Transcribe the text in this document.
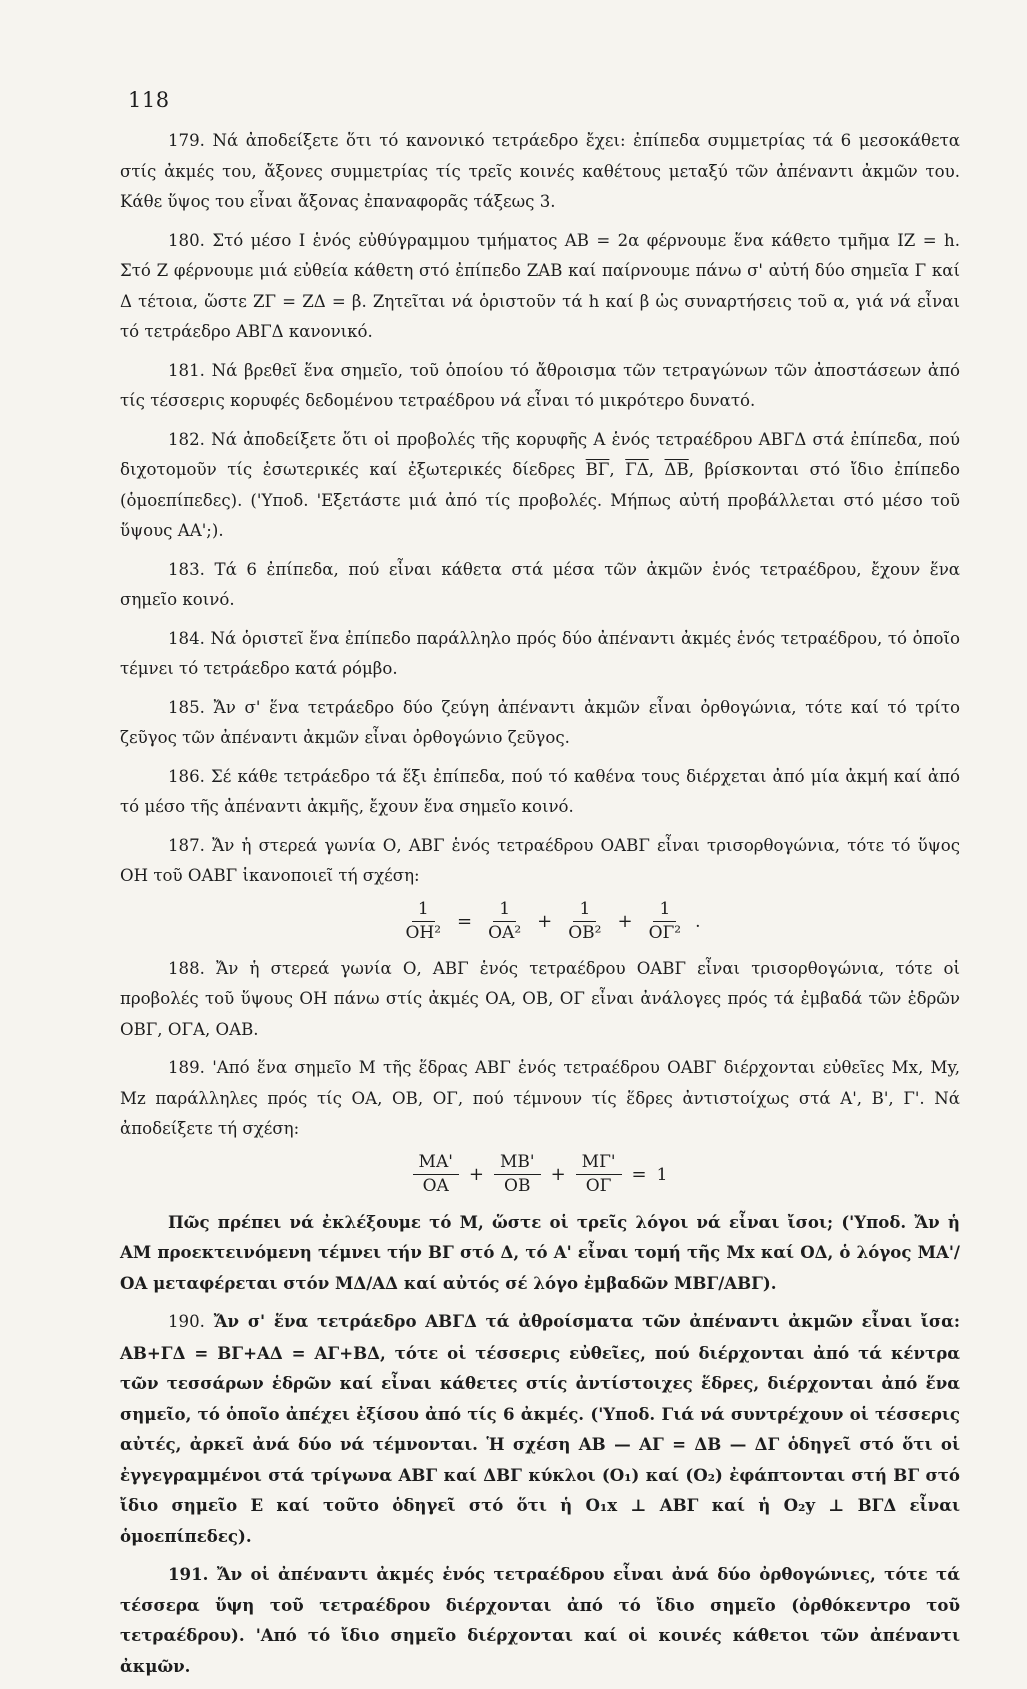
118

179. Νά ἀποδείξετε ὅτι τό κανονικό τετράεδρο ἔχει: ἐπίπεδα συμμετρίας τά 6 μεσοκάθετα στίς ἀκμές του, ἄξονες συμμετρίας τίς τρεῖς κοινές καθέτους μεταξύ τῶν ἀπέναντι ἀκμῶν του. Κάθε ὕψος του εἶναι ἄξονας ἐπαναφορᾶς τάξεως 3.

180. Στό μέσο Ι ἑνός εὐθύγραμμου τμήματος ΑΒ = 2α φέρνουμε ἕνα κάθετο τμῆμα ΙΖ = h. Στό Ζ φέρνουμε μιά εὐθεία κάθετη στό ἐπίπεδο ΖΑΒ καί παίρνουμε πάνω σ' αὐτή δύο σημεῖα Γ καί Δ τέτοια, ὥστε ΖΓ = ΖΔ = β. Ζητεῖται νά ὁριστοῦν τά h καί β ὡς συναρτήσεις τοῦ α, γιά νά εἶναι τό τετράεδρο ΑΒΓΔ κανονικό.

181. Νά βρεθεῖ ἕνα σημεῖο, τοῦ ὁποίου τό ἄθροισμα τῶν τετραγώνων τῶν ἀποστάσεων ἀπό τίς τέσσερις κορυφές δεδομένου τετραέδρου νά εἶναι τό μικρότερο δυνατό.

182. Νά ἀποδείξετε ὅτι οἱ προβολές τῆς κορυφῆς Α ἑνός τετραέδρου ΑΒΓΔ στά ἐπίπεδα, πού διχοτομοῦν τίς ἐσωτερικές καί ἐξωτερικές δίεδρες $\overline{B\Gamma}$, $\overline{\Gamma\Delta}$, $\overline{\Delta B}$, βρίσκονται στό ἴδιο ἐπίπεδο (ὁμοεπίπεδες). ('Υποδ. 'Εξετάστε μιά ἀπό τίς προβολές. Μήπως αὐτή προβάλλεται στό μέσο τοῦ ὕψους ΑΑ';).

183. Τά 6 ἐπίπεδα, πού εἶναι κάθετα στά μέσα τῶν ἀκμῶν ἑνός τετραέδρου, ἔχουν ἕνα σημεῖο κοινό.

184. Νά ὁριστεῖ ἕνα ἐπίπεδο παράλληλο πρός δύο ἀπέναντι ἀκμές ἑνός τετραέδρου, τό ὁποῖο τέμνει τό τετράεδρο κατά ρόμβο.

185. Ἄν σ' ἕνα τετράεδρο δύο ζεύγη ἀπέναντι ἀκμῶν εἶναι ὀρθογώνια, τότε καί τό τρίτο ζεῦγος τῶν ἀπέναντι ἀκμῶν εἶναι ὀρθογώνιο ζεῦγος.

186. Σέ κάθε τετράεδρο τά ἕξι ἐπίπεδα, πού τό καθένα τους διέρχεται ἀπό μία ἀκμή καί ἀπό τό μέσο τῆς ἀπέναντι ἀκμῆς, ἔχουν ἕνα σημεῖο κοινό.

187. Ἄν ἡ στερεά γωνία Ο, ΑΒΓ ἑνός τετραέδρου ΟΑΒΓ εἶναι τρισορθογώνια, τότε τό ὕψος ΟΗ τοῦ ΟΑΒΓ ἱκανοποιεῖ τή σχέση:

$\frac{1}{\text{ΟΗ²}} = \frac{1}{\text{ΟΑ²}} + \frac{1}{\text{ΟΒ²}} + \frac{1}{\text{ΟΓ²}}$ .

188. Ἄν ἡ στερεά γωνία Ο, ΑΒΓ ἑνός τετραέδρου ΟΑΒΓ εἶναι τρισορθογώνια, τότε οἱ προβολές τοῦ ὕψους ΟΗ πάνω στίς ἀκμές ΟΑ, ΟΒ, ΟΓ εἶναι ἀνάλογες πρός τά ἐμβαδά τῶν ἑδρῶν ΟΒΓ, ΟΓΑ, ΟΑΒ.

189. 'Από ἕνα σημεῖο Μ τῆς ἕδρας ΑΒΓ ἑνός τετραέδρου ΟΑΒΓ διέρχονται εὐθεῖες Mx, My, Mz παράλληλες πρός τίς ΟΑ, ΟΒ, ΟΓ, πού τέμνουν τίς ἕδρες ἀντιστοίχως στά Α', Β', Γ'. Νά ἀποδείξετε τή σχέση:

$\frac{MA'}{OA} + \frac{MB'}{OB} + \frac{M\Gamma'}{O\Gamma} = 1$

Πῶς πρέπει νά ἐκλέξουμε τό Μ, ὥστε οἱ τρεῖς λόγοι νά εἶναι ἴσοι; ('Υποδ. Ἄν ἡ ΑΜ προεκτεινόμενη τέμνει τήν ΒΓ στό Δ, τό Α' εἶναι τομή τῆς Mx καί ΟΔ, ὁ λόγος ΜΑ'/ ΟΑ μεταφέρεται στόν ΜΔ/ΑΔ καί αὐτός σέ λόγο ἐμβαδῶν ΜΒΓ/ΑΒΓ).

190. Ἄν σ' ἕνα τετράεδρο ΑΒΓΔ τά ἀθροίσματα τῶν ἀπέναντι ἀκμῶν εἶναι ἴσα: ΑΒ+ΓΔ = ΒΓ+ΑΔ = ΑΓ+ΒΔ, τότε οἱ τέσσερις εὐθεῖες, πού διέρχονται ἀπό τά κέντρα τῶν τεσσάρων ἑδρῶν καί εἶναι κάθετες στίς ἀντίστοιχες ἕδρες, διέρχονται ἀπό ἕνα σημεῖο, τό ὁποῖο ἀπέχει ἐξίσου ἀπό τίς 6 ἀκμές. ('Υποδ. Γιά νά συντρέχουν οἱ τέσσερις αὐτές, ἀρκεῖ ἀνά δύο νά τέμνονται. Ἡ σχέση ΑΒ — ΑΓ = ΔΒ — ΔΓ ὁδηγεῖ στό ὅτι οἱ ἐγγεγραμμένοι στά τρίγωνα ΑΒΓ καί ΔΒΓ κύκλοι (Ο₁) καί (Ο₂) ἐφάπτονται στή ΒΓ στό ἴδιο σημεῖο Ε καί τοῦτο ὁδηγεῖ στό ὅτι ἡ Ο₁x ⊥ ΑΒΓ καί ἡ Ο₂y ⊥ ΒΓΔ εἶναι ὁμοεπίπεδες).

191. Ἄν οἱ ἀπέναντι ἀκμές ἑνός τετραέδρου εἶναι ἀνά δύο ὀρθογώνιες, τότε τά τέσσερα ὕψη τοῦ τετραέδρου διέρχονται ἀπό τό ἴδιο σημεῖο (ὀρθόκεντρο τοῦ τετραέδρου). 'Από τό ἴδιο σημεῖο διέρχονται καί οἱ κοινές κάθετοι τῶν ἀπέναντι ἀκμῶν.
